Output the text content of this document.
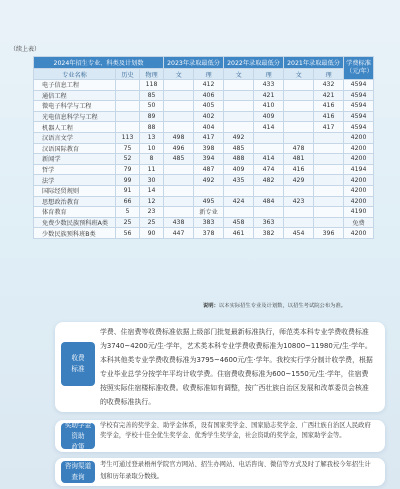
（续上表）
2024年招生专业、科类及计划数			2023年录取最低分		2022年录取最低分		2021年录取最低分		学费标准（元/年）
专业名称	历史	物理	文	理	文	理	文	理	
电子信息工程		118		412		433		432	4594
通信工程		85		406		421		421	4594
微电子科学与工程		50		405		410		416	4594
光电信息科学与工程		89		402		409		416	4594
机器人工程		88		404		414		417	4594
汉语言文学	113	13	498	417	492				4200
汉语国际教育	75	10	496	398	485		478		4200
新闻学	52	8	485	394	488	414	481		4200
哲学	79	11		487	409	474	416		4194
法学	99	30		492	435	482	429		4200
国际经贸规则	91	14							4200
思想政治教育	66	12		495	424	484	423		4200
体育教育	5	23		新专业					4190
免费少数民族预科班A类	25	25	438	383	458	363			免费
少数民族预科班B类	56	90	447	378	461	382	454	396	4200
说明：以本实际招生专业及计划数，以招生考试院公布为准。
收费
标准
学费、住宿费等收费标准依据上级部门批复最新标准执行，师范类本科专业学费收费标准为3740~4200元/生·学年，艺术类本科专业学费收费标准为10800~11980元/生·学年。本科其他类专业学费收费标准为3795~4600元/生·学年。我校实行学分制计收学费，根据专业毕业总学分按学年平均计收学费。住宿费收费标准为600~1550元/生·学年，住宿费按照实际住宿楼标准收费。收费标准如有调整，按广西壮族自治区发展和改革委员会核准的收费标准执行。
奖助学金
资助
政策
学校有完善的奖学金、助学金体系，设有国家奖学金、国家励志奖学金、广西壮族自治区人民政府奖学金，学校十佳全优生奖学金、优秀学生奖学金，社会资助的奖学金，国家助学金等。
咨询渠道
查询
考生可通过登录梧州学院官方网站、招生办网站、电话咨询、微信等方式及时了解我校今年招生计划和历年录取分数线。
